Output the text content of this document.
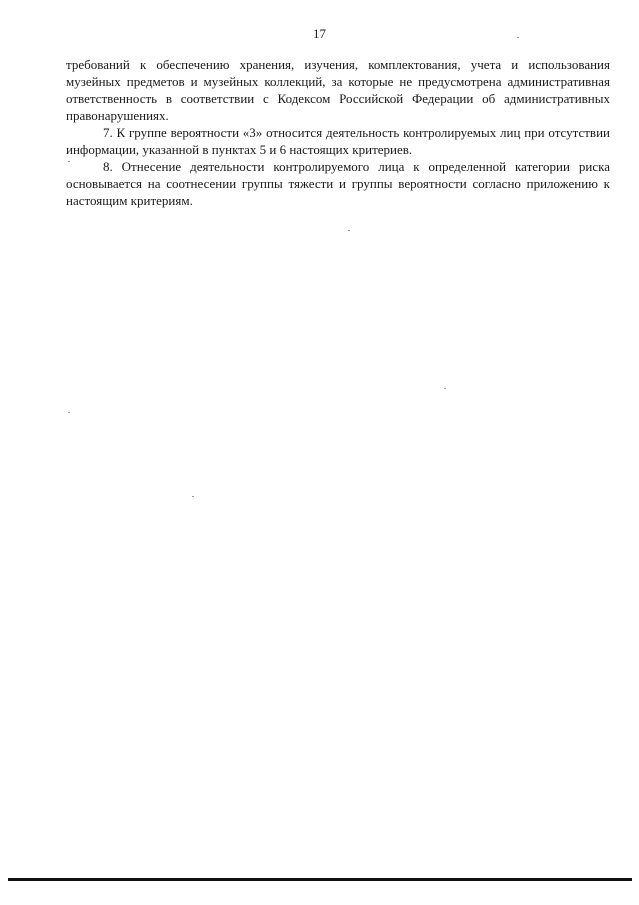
17

требований к обеспечению хранения, изучения, комплектования, учета и использования музейных предметов и музейных коллекций, за которые не предусмотрена административная ответственность в соответствии с Кодексом Российской Федерации об административных правонарушениях.

7. К группе вероятности «3» относится деятельность контролируемых лиц при отсутствии информации, указанной в пунктах 5 и 6 настоящих критериев.

8. Отнесение деятельности контролируемого лица к определенной категории риска основывается на соотнесении группы тяжести и группы вероятности согласно приложению к настоящим критериям.
